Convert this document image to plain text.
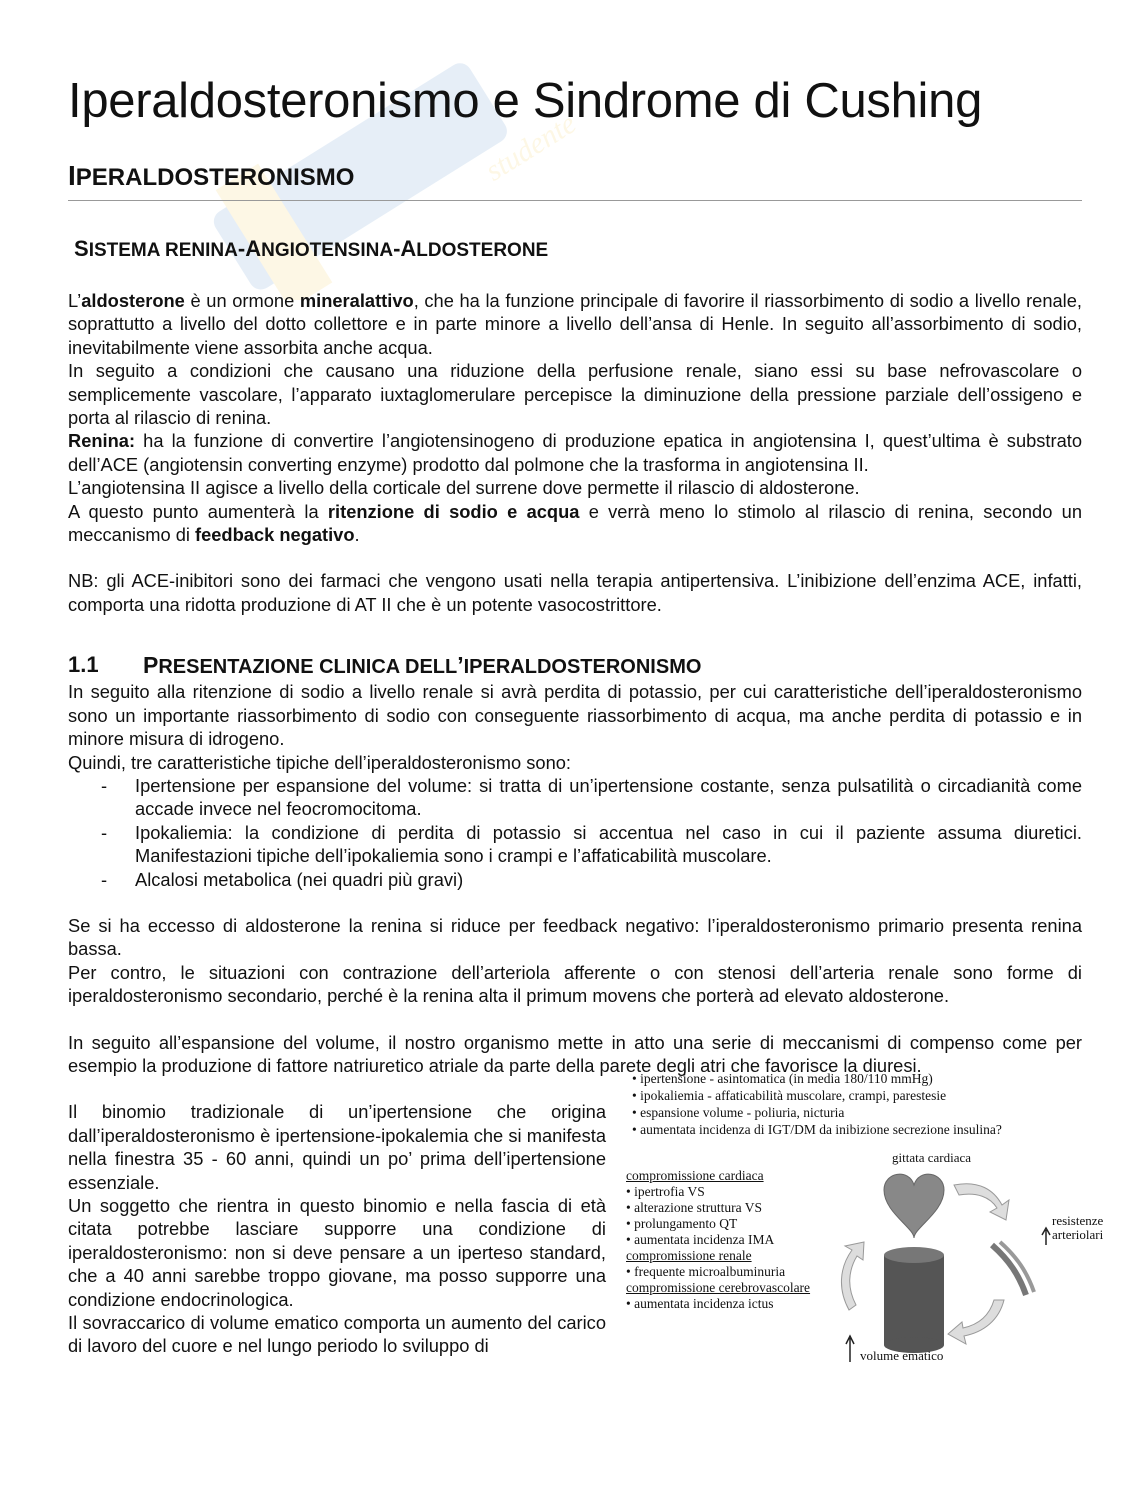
studente
Iperaldosteronismo e Sindrome di Cushing
IPERALDOSTERONISMO
SISTEMA RENINA-ANGIOTENSINA-ALDOSTERONE

L’aldosterone è un ormone mineralattivo, che ha la funzione principale di favorire il riassorbimento di sodio a livello renale, soprattutto a livello del dotto collettore e in parte minore a livello dell’ansa di Henle. In seguito all’assorbimento di sodio, inevitabilmente viene assorbita anche acqua.

In seguito a condizioni che causano una riduzione della perfusione renale, siano essi su base nefrovascolare o semplicemente vascolare, l’apparato iuxtaglomerulare percepisce la diminuzione della pressione parziale dell’ossigeno e porta al rilascio di renina.

Renina: ha la funzione di convertire l’angiotensinogeno di produzione epatica in angiotensina I, quest’ultima è substrato dell’ACE (angiotensin converting enzyme) prodotto dal polmone che la trasforma in angiotensina II.

L’angiotensina II agisce a livello della corticale del surrene dove permette il rilascio di aldosterone.

A questo punto aumenterà la ritenzione di sodio e acqua e verrà meno lo stimolo al rilascio di renina, secondo un meccanismo di feedback negativo.

NB: gli ACE-inibitori sono dei farmaci che vengono usati nella terapia antipertensiva. L’inibizione dell’enzima ACE, infatti, comporta una ridotta produzione di AT II che è un potente vasocostrittore.

1.1	PRESENTAZIONE CLINICA DELL’IPERALDOSTERONISMO

In seguito alla ritenzione di sodio a livello renale si avrà perdita di potassio, per cui caratteristiche dell’iperaldosteronismo sono un importante riassorbimento di sodio con conseguente riassorbimento di acqua, ma anche perdita di potassio e in minore misura di idrogeno.

Quindi, tre caratteristiche tipiche dell’iperaldosteronismo sono:

- Ipertensione per espansione del volume: si tratta di un’ipertensione costante, senza pulsatilità o circadianità come accade invece nel feocromocitoma.
- Ipokaliemia: la condizione di perdita di potassio si accentua nel caso in cui il paziente assuma diuretici. Manifestazioni tipiche dell’ipokaliemia sono i crampi e l’affaticabilità muscolare.
- Alcalosi metabolica (nei quadri più gravi)

Se si ha eccesso di aldosterone la renina si riduce per feedback negativo: l’iperaldosteronismo primario presenta renina bassa.

Per contro, le situazioni con contrazione dell’arteriola afferente o con stenosi dell’arteria renale sono forme di iperaldosteronismo secondario, perché è la renina alta il primum movens che porterà ad elevato aldosterone.

In seguito all’espansione del volume, il nostro organismo mette in atto una serie di meccanismi di compenso come per esempio la produzione di fattore natriuretico atriale da parte della parete degli atri che favorisce la diuresi.

Il binomio tradizionale di un’ipertensione che origina dall’iperaldosteronismo è ipertensione-ipokalemia che si manifesta nella finestra 35 - 60 anni, quindi un po’ prima dell’ipertensione essenziale.

Un soggetto che rientra in questo binomio e nella fascia di età citata potrebbe lasciare supporre una condizione di iperaldosteronismo: non si deve pensare a un iperteso standard, che a 40 anni sarebbe troppo giovane, ma posso supporre una condizione endocrinologica.

Il sovraccarico di volume ematico comporta un aumento del carico di lavoro del cuore e nel lungo periodo lo sviluppo di

• ipertensione - asintomatica (in media 180/110 mmHg)
• ipokaliemia - affaticabilità muscolare, crampi, parestesie
• espansione volume - poliuria, nicturia
• aumentata incidenza di IGT/DM da inibizione secrezione insulina?
compromissione cardiaca
• ipertrofia VS
• alterazione struttura VS
• prolungamento QT
• aumentata incidenza IMA
compromissione renale
• frequente microalbuminuria
compromissione cerebrovascolare
• aumentata incidenza ictus
gittata cardiaca
resistenze
arteriolari
volume ematico
